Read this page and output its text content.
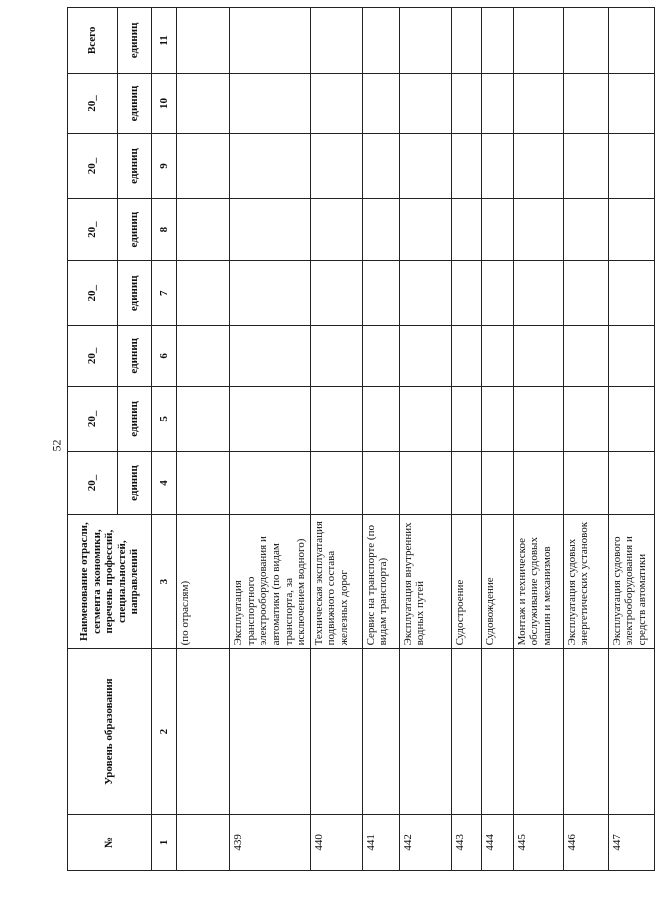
52
№	Уровень образования	Наименование отрасли, сегмента экономики, перечень профессий, специальностей, направлений	20_	20_	20_	20_	20_	20_	20_	Всего
			единиц	единиц	единиц	единиц	единиц	единиц	единиц	единиц
1	2	3	4	5	6	7	8	9	10	11
		(по отраслям)								
439		Эксплуатация транспортного электрооборудования и автоматики (по видам транспорта, за исключением водного)								
440		Техническая эксплуатация подвижного состава железных дорог								
441		Сервис на транспорте (по видам транспорта)								
442		Эксплуатация внутренних водных путей								
443		Судостроение								
444		Судовождение								
445		Монтаж и техническое обслуживание судовых машин и механизмов								
446		Эксплуатация судовых энергетических установок								
447		Эксплуатация судового электрооборудования и средств автоматики								
